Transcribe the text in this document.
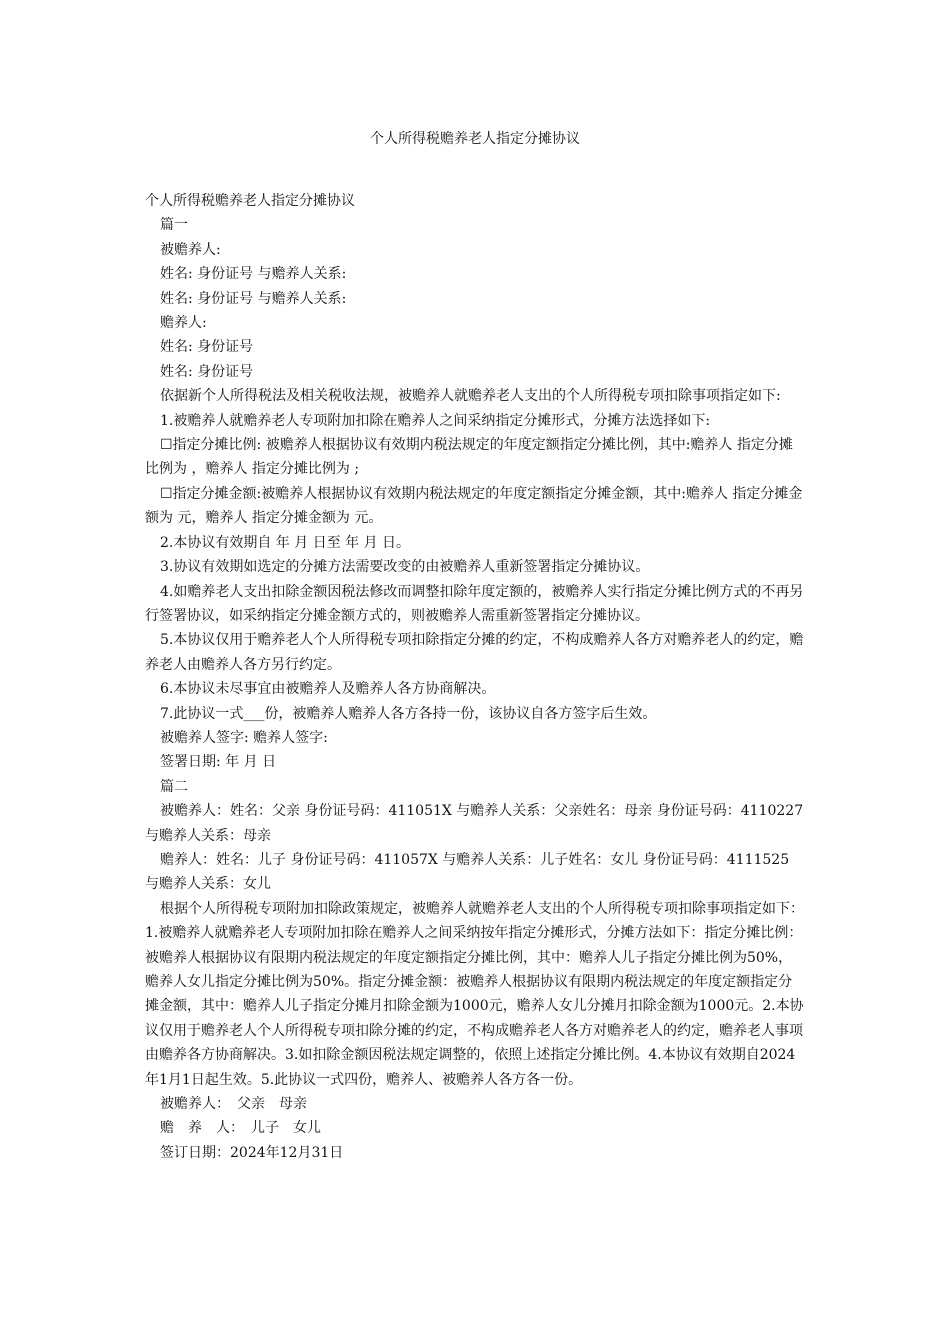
个人所得税赡养老人指定分摊协议

个人所得税赡养老人指定分摊协议

篇一

被赡养人:

姓名: 身份证号 与赡养人关系:

姓名: 身份证号 与赡养人关系:

赡养人:

姓名: 身份证号

姓名: 身份证号

依据新个人所得税法及相关税收法规，被赡养人就赡养老人支出的个人所得税专项扣除事项指定如下:

1.被赡养人就赡养老人专项附加扣除在赡养人之间采纳指定分摊形式，分摊方法选择如下:

☐指定分摊比例: 被赡养人根据协议有效期内税法规定的年度定额指定分摊比例，其中:赡养人 指定分摊比例为 ，赡养人 指定分摊比例为 ;

☐指定分摊金额:被赡养人根据协议有效期内税法规定的年度定额指定分摊金额，其中:赡养人 指定分摊金额为 元，赡养人 指定分摊金额为 元。

2.本协议有效期自 年 月 日至 年 月 日。

3.协议有效期如选定的分摊方法需要改变的由被赡养人重新签署指定分摊协议。

4.如赡养老人支出扣除金额因税法修改而调整扣除年度定额的，被赡养人实行指定分摊比例方式的不再另行签署协议，如采纳指定分摊金额方式的，则被赡养人需重新签署指定分摊协议。

5.本协议仅用于赡养老人个人所得税专项扣除指定分摊的约定，不构成赡养人各方对赡养老人的约定，赡养老人由赡养人各方另行约定。

6.本协议未尽事宜由被赡养人及赡养人各方协商解决。

7.此协议一式___份，被赡养人赡养人各方各持一份，该协议自各方签字后生效。

被赡养人签字: 赡养人签字:

签署日期: 年 月 日

篇二

被赡养人：姓名：父亲 身份证号码：411051X 与赡养人关系：父亲姓名：母亲 身份证号码：4110227 与赡养人关系：母亲

赡养人：姓名：儿子 身份证号码：411057X 与赡养人关系：儿子姓名：女儿 身份证号码：4111525 与赡养人关系：女儿

根据个人所得税专项附加扣除政策规定，被赡养人就赡养老人支出的个人所得税专项扣除事项指定如下：1.被赡养人就赡养老人专项附加扣除在赡养人之间采纳按年指定分摊形式，分摊方法如下：指定分摊比例：被赡养人根据协议有限期内税法规定的年度定额指定分摊比例，其中：赡养人儿子指定分摊比例为50%，赡养人女儿指定分摊比例为50%。指定分摊金额：被赡养人根据协议有限期内税法规定的年度定额指定分摊金额，其中：赡养人儿子指定分摊月扣除金额为1000元，赡养人女儿分摊月扣除金额为1000元。2.本协议仅用于赡养老人个人所得税专项扣除分摊的约定，不构成赡养老人各方对赡养老人的约定，赡养老人事项由赡养各方协商解决。3.如扣除金额因税法规定调整的，依照上述指定分摊比例。4.本协议有效期自2024年1月1日起生效。5.此协议一式四份，赡养人、被赡养人各方各一份。

被赡养人：　父亲　母亲

赡　养　人：　儿子　女儿

签订日期：2024年12月31日
